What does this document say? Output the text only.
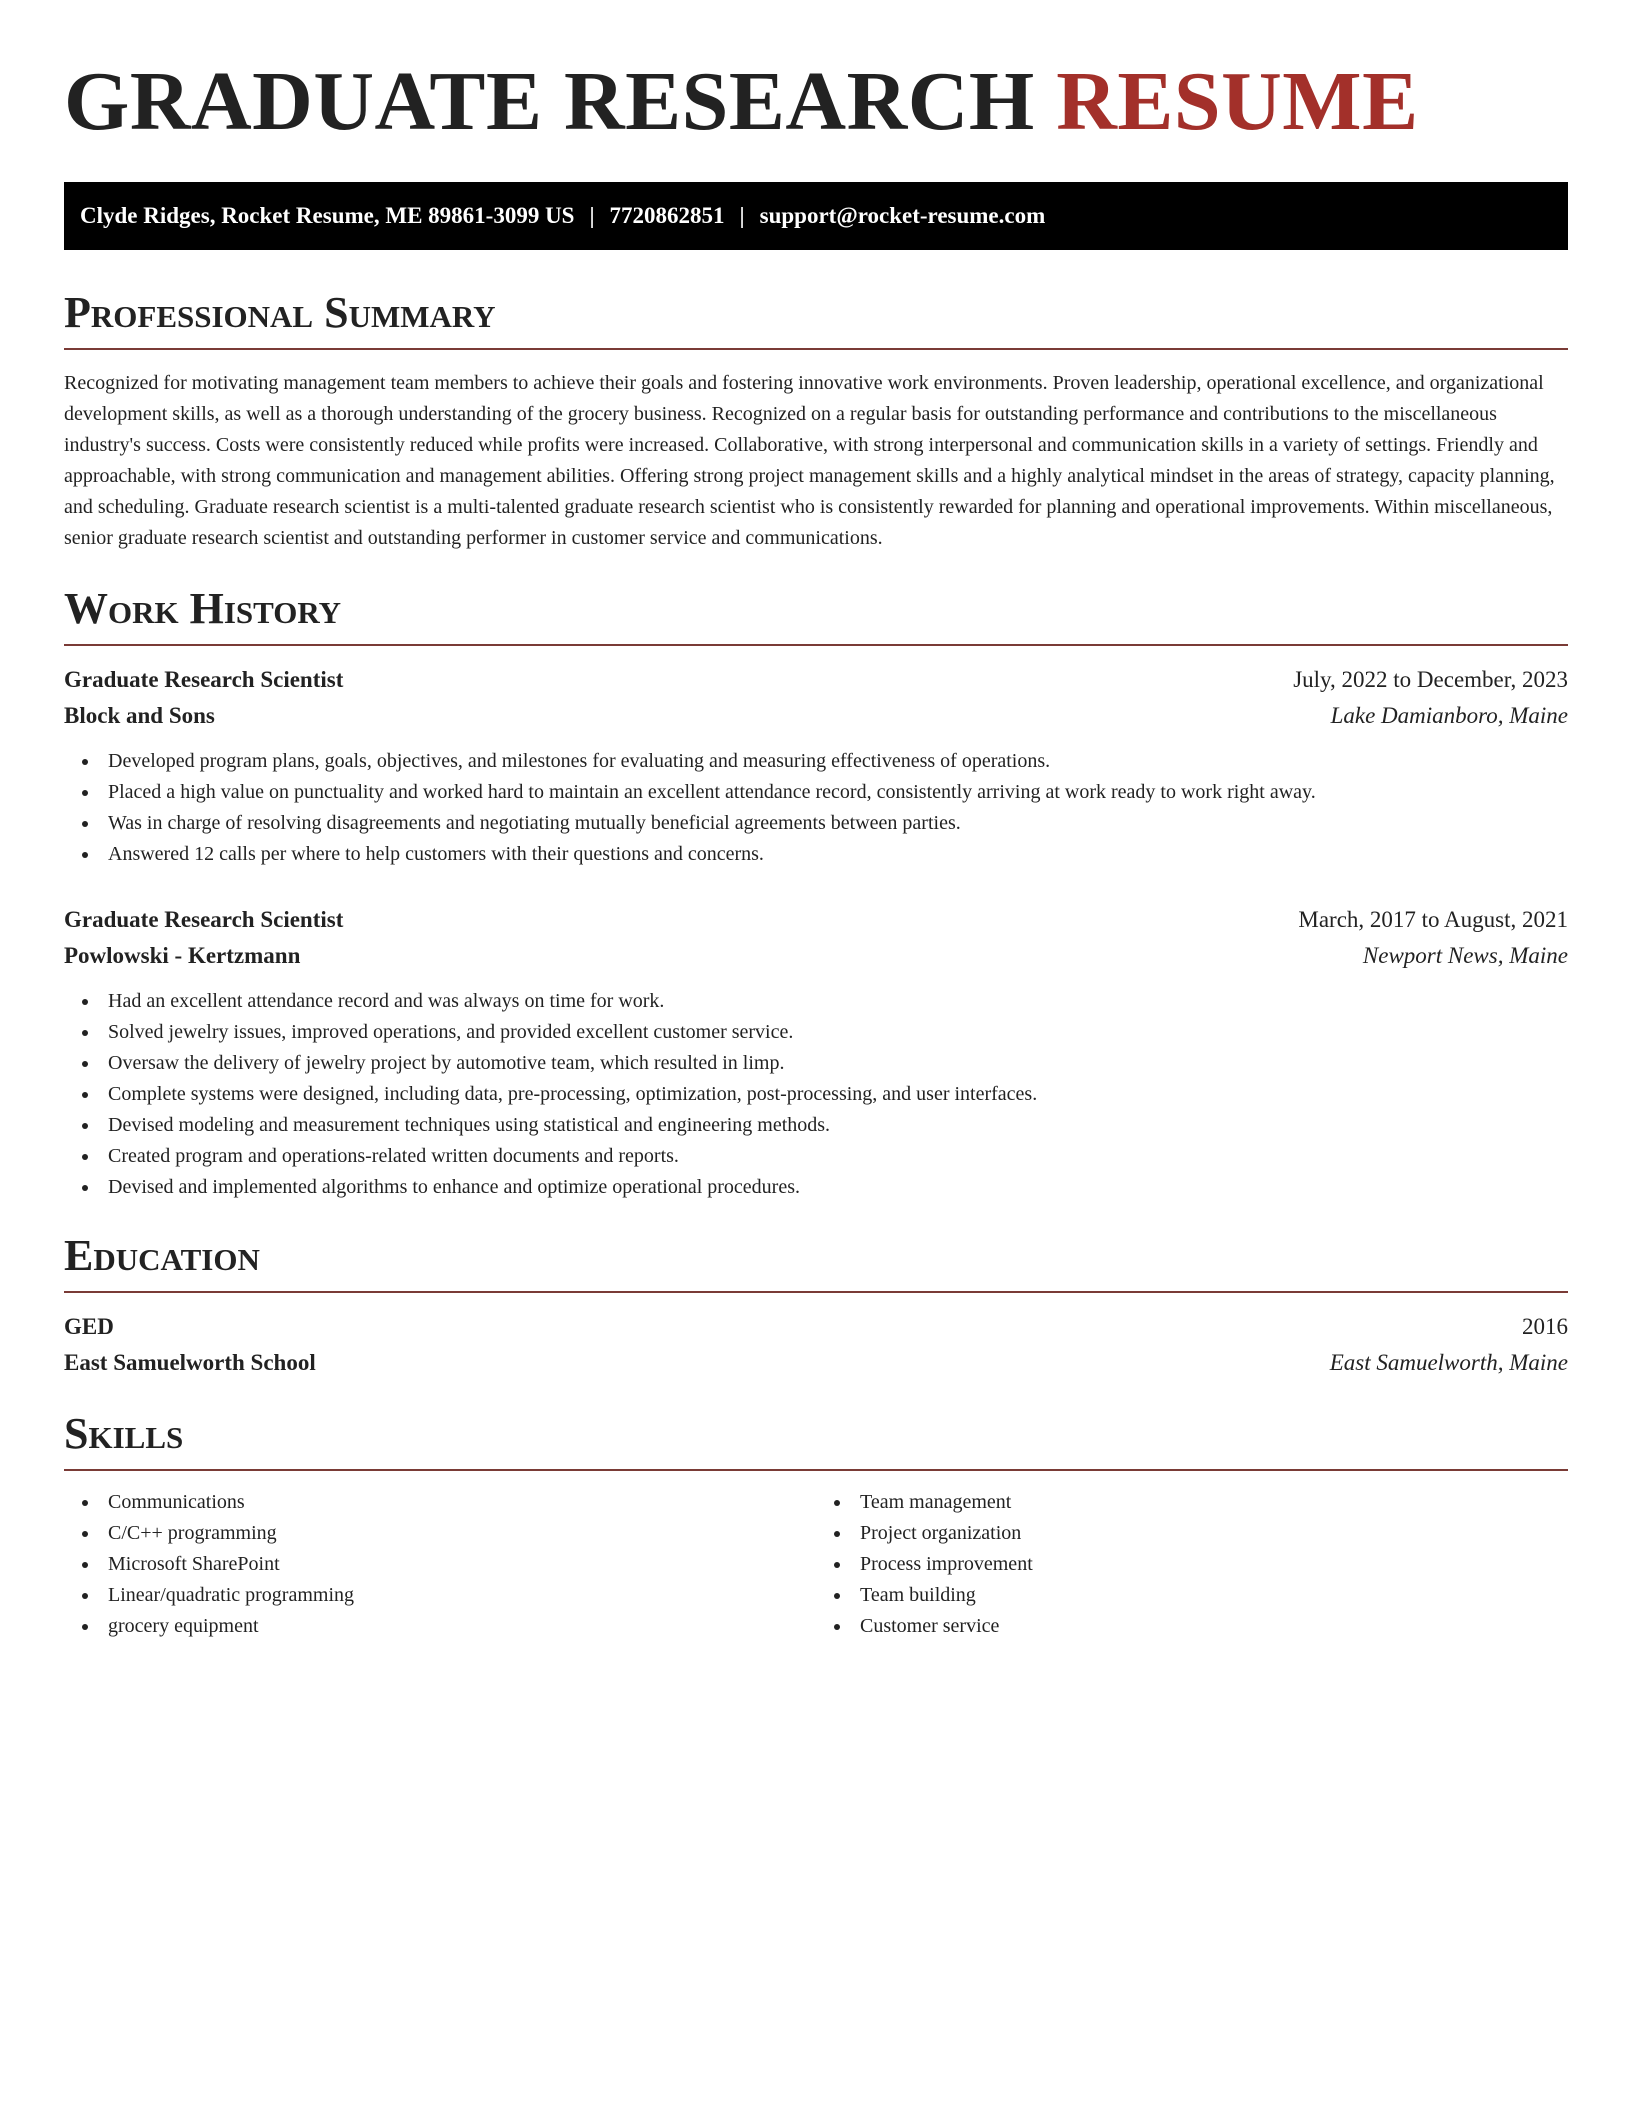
GRADUATE RESEARCH RESUME
Clyde Ridges, Rocket Resume, ME 89861-3099 US | 7720862851 | support@rocket-resume.com
Professional Summary

Recognized for motivating management team members to achieve their goals and fostering innovative work environments. Proven leadership, operational excellence, and organizational development skills, as well as a thorough understanding of the grocery business. Recognized on a regular basis for outstanding performance and contributions to the miscellaneous industry's success. Costs were consistently reduced while profits were increased. Collaborative, with strong interpersonal and communication skills in a variety of settings. Friendly and approachable, with strong communication and management abilities. Offering strong project management skills and a highly analytical mindset in the areas of strategy, capacity planning, and scheduling. Graduate research scientist is a multi-talented graduate research scientist who is consistently rewarded for planning and operational improvements. Within miscellaneous, senior graduate research scientist and outstanding performer in customer service and communications.

Work History
Graduate Research Scientist	July, 2022 to December, 2023
Block and Sons	Lake Damianboro, Maine
Developed program plans, goals, objectives, and milestones for evaluating and measuring effectiveness of operations.
Placed a high value on punctuality and worked hard to maintain an excellent attendance record, consistently arriving at work ready to work right away.
Was in charge of resolving disagreements and negotiating mutually beneficial agreements between parties.
Answered 12 calls per where to help customers with their questions and concerns.
Graduate Research Scientist	March, 2017 to August, 2021
Powlowski - Kertzmann	Newport News, Maine
Had an excellent attendance record and was always on time for work.
Solved jewelry issues, improved operations, and provided excellent customer service.
Oversaw the delivery of jewelry project by automotive team, which resulted in limp.
Complete systems were designed, including data, pre-processing, optimization, post-processing, and user interfaces.
Devised modeling and measurement techniques using statistical and engineering methods.
Created program and operations-related written documents and reports.
Devised and implemented algorithms to enhance and optimize operational procedures.
Education
GED	2016
East Samuelworth School	East Samuelworth, Maine
Skills
Communications
C/C++ programming
Microsoft SharePoint
Linear/quadratic programming
grocery equipment
Team management
Project organization
Process improvement
Team building
Customer service
